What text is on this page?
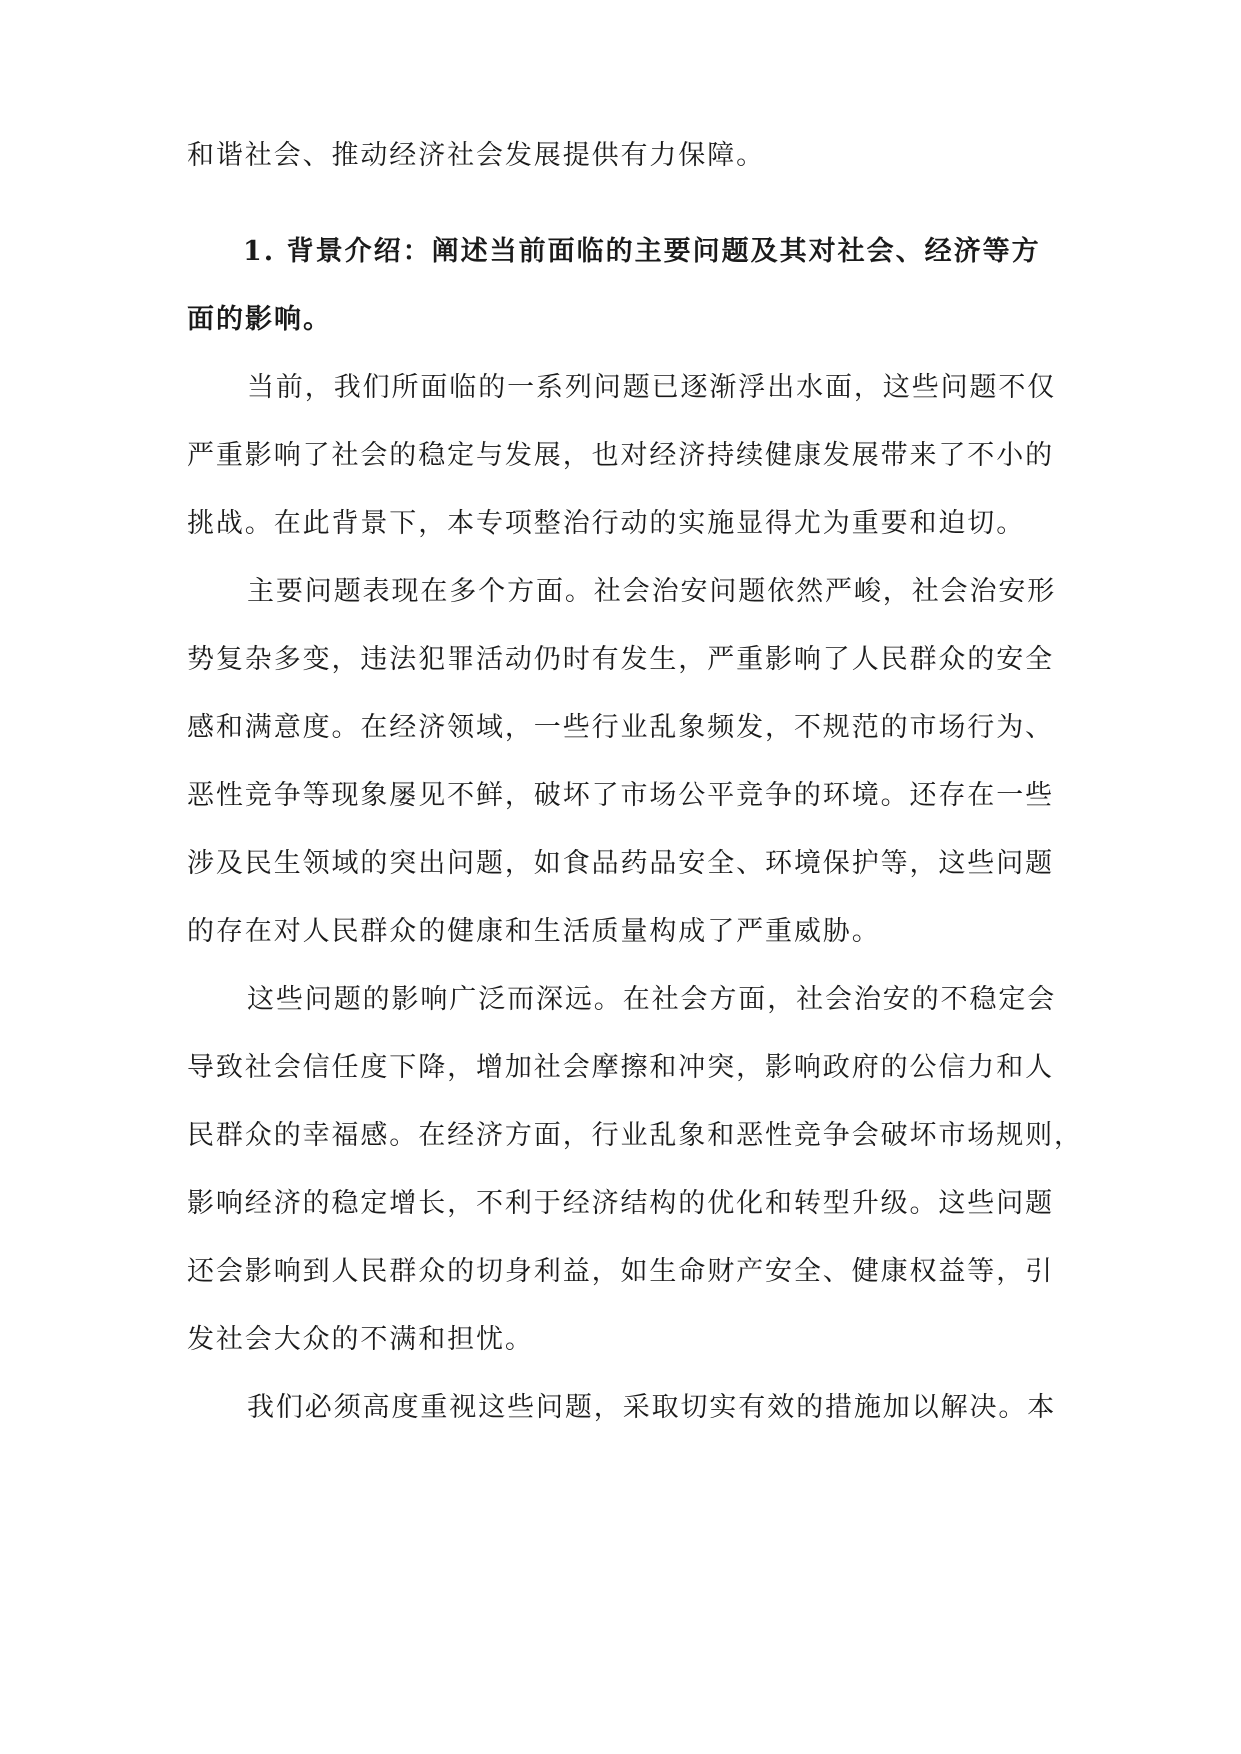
和谐社会、推动经济社会发展提供有力保障。
1. 背景介绍：阐述当前面临的主要问题及其对社会、经济等方
面的影响。
当前，我们所面临的一系列问题已逐渐浮出水面，这些问题不仅
严重影响了社会的稳定与发展，也对经济持续健康发展带来了不小的
挑战。在此背景下，本专项整治行动的实施显得尤为重要和迫切。
主要问题表现在多个方面。社会治安问题依然严峻，社会治安形
势复杂多变，违法犯罪活动仍时有发生，严重影响了人民群众的安全
感和满意度。在经济领域，一些行业乱象频发，不规范的市场行为、
恶性竞争等现象屡见不鲜，破坏了市场公平竞争的环境。还存在一些
涉及民生领域的突出问题，如食品药品安全、环境保护等，这些问题
的存在对人民群众的健康和生活质量构成了严重威胁。
这些问题的影响广泛而深远。在社会方面，社会治安的不稳定会
导致社会信任度下降，增加社会摩擦和冲突，影响政府的公信力和人
民群众的幸福感。在经济方面，行业乱象和恶性竞争会破坏市场规则，
影响经济的稳定增长，不利于经济结构的优化和转型升级。这些问题
还会影响到人民群众的切身利益，如生命财产安全、健康权益等，引
发社会大众的不满和担忧。
我们必须高度重视这些问题，采取切实有效的措施加以解决。本
